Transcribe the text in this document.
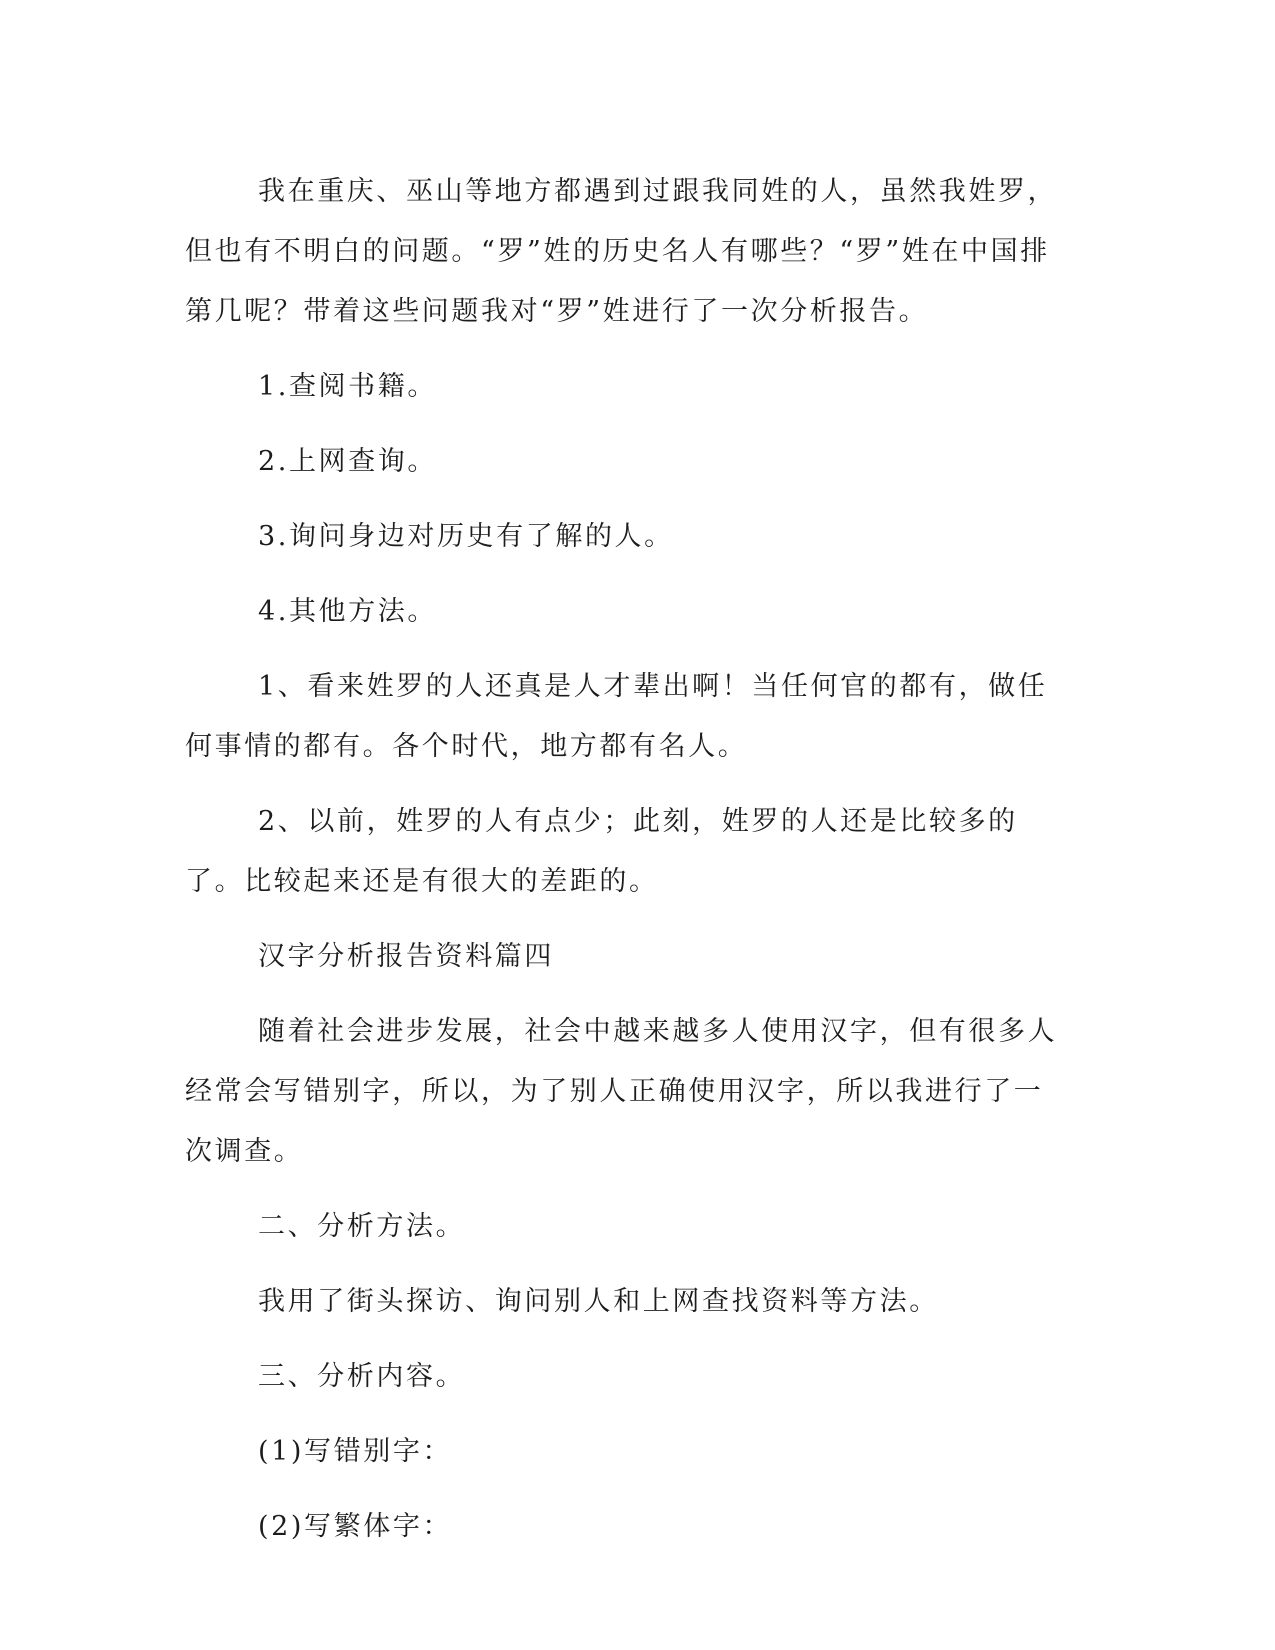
我在重庆、巫山等地方都遇到过跟我同姓的人，虽然我姓罗，但也有不明白的问题。“罗”姓的历史名人有哪些？“罗”姓在中国排第几呢？带着这些问题我对“罗”姓进行了一次分析报告。

1.查阅书籍。

2.上网查询。

3.询问身边对历史有了解的人。

4.其他方法。

1、看来姓罗的人还真是人才辈出啊！当任何官的都有，做任何事情的都有。各个时代，地方都有名人。

2、以前，姓罗的人有点少；此刻，姓罗的人还是比较多的了。比较起来还是有很大的差距的。

汉字分析报告资料篇四

随着社会进步发展，社会中越来越多人使用汉字，但有很多人经常会写错别字，所以，为了别人正确使用汉字，所以我进行了一次调查。

二、分析方法。

我用了街头探访、询问别人和上网查找资料等方法。

三、分析内容。

(1)写错别字：

(2)写繁体字：
